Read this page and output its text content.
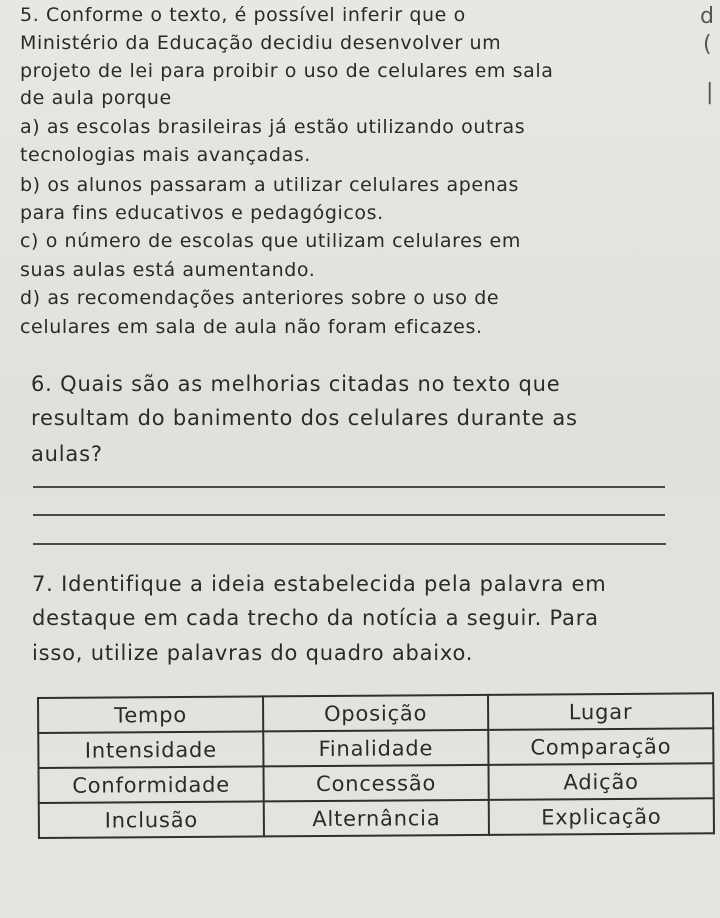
5. Conforme o texto, é possível inferir que o
Ministério da Educação decidiu desenvolver um
projeto de lei para proibir o uso de celulares em sala
de aula porque
a) as escolas brasileiras já estão utilizando outras
tecnologias mais avançadas.
b) os alunos passaram a utilizar celulares apenas
para fins educativos e pedagógicos.
c) o número de escolas que utilizam celulares em
suas aulas está aumentando.
d) as recomendações anteriores sobre o uso de
celulares em sala de aula não foram eficazes.
6. Quais são as melhorias citadas no texto que
resultam do banimento dos celulares durante as
aulas?
7. Identifique a ideia estabelecida pela palavra em
destaque em cada trecho da notícia a seguir. Para
isso, utilize palavras do quadro abaixo.
Tempo	Oposição	Lugar
Intensidade	Finalidade	Comparação
Conformidade	Concessão	Adição
Inclusão	Alternância	Explicação
d
(
|
